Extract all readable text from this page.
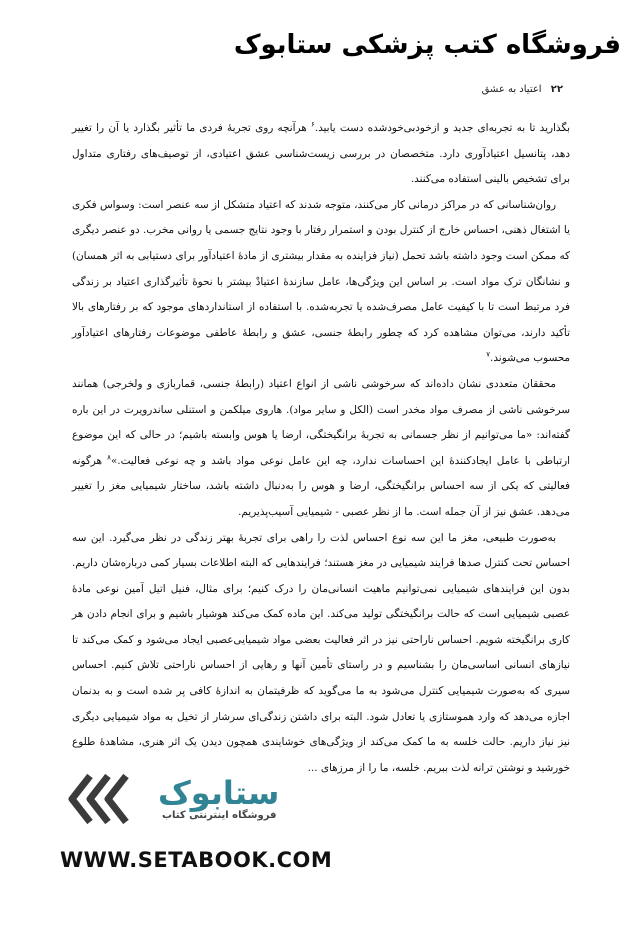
فروشگاه کتب پزشکی ستابوک
۲۲ اعتیاد به عشق

بگذارید تا به تجربه‌ای جدید و ازخودبی‌خودشده دست یابید.$^۶$ هرآنچه روی تجربهٔ فردی ما تأثیر بگذارد یا آن را تغییر دهد، پتانسیل اعتیادآوری دارد. متخصصان در بررسی زیست‌شناسی عشق اعتیادی، از توصیف‌های رفتاری متداول برای تشخیص بالینی استفاده می‌کنند.

روان‌شناسانی که در مراکز درمانی کار می‌کنند، متوجه شدند که اعتیاد متشکل از سه عنصر است: وسواس فکری یا اشتغال ذهنی، احساس خارج از کنترل بودن و استمرار رفتار با وجود نتایج جسمی یا روانی مخرب. دو عنصر دیگری که ممکن است وجود داشته باشد تحمل (نیاز فزاینده به مقدار بیشتری از مادهٔ اعتیادآور برای دستیابی به اثر همسان) و نشانگان ترک مواد است. بر اساس این ویژگی‌ها، عامل سازندهٔ اعتیادْ بیشتر با نحوهٔ تأثیرگذاری اعتیاد بر زندگی فرد مرتبط است تا با کیفیت عامل مصرف‌شده یا تجربه‌شده. با استفاده از استانداردهای موجود که بر رفتارهای بالا تأکید دارند، می‌توان مشاهده کرد که چطور رابطهٔ جنسی، عشق و رابطهٔ عاطفی موضوعات رفتارهای اعتیادآور محسوب می‌شوند.$^۷$

محققان متعددی نشان داده‌اند که سرخوشی ناشی از انواع اعتیاد (رابطهٔ جنسی، قماربازی و ولخرجی) همانند سرخوشی ناشی از مصرف مواد مخدر است (الکل و سایر مواد). هاروی میلکمن و استنلی ساندرویرت در این باره گفته‌اند: «ما می‌توانیم از نظر جسمانی به تجربهٔ برانگیختگی، ارضا یا هوس وابسته باشیم؛ در حالی که این موضوع ارتباطی با عامل ایجادکنندهٔ این احساسات ندارد، چه این عامل نوعی مواد باشد و چه نوعی فعالیت.»$^۸$ هرگونه فعالیتی که یکی از سه احساس برانگیختگی، ارضا و هوس را به‌دنبال داشته باشد، ساختار شیمیایی مغز را تغییر می‌دهد. عشق نیز از آن جمله است. ما از نظر عصبی - شیمیایی آسیب‌پذیریم.

به‌صورت طبیعی، مغز ما این سه نوع احساس لذت را راهی برای تجربهٔ بهتر زندگی در نظر می‌گیرد. این سه احساس تحت کنترل صدها فرایند شیمیایی در مغز هستند؛ فرایندهایی که البته اطلاعات بسیار کمی درباره‌شان داریم. بدون این فرایندهای شیمیایی نمی‌توانیم ماهیت انسانی‌مان را درک کنیم؛ برای مثال، فنیل اتیل آمین نوعی مادهٔ عصبی شیمیایی است که حالت برانگیختگی تولید می‌کند. این ماده کمک می‌کند هوشیار باشیم و برای انجام دادن هر کاری برانگیخته شویم. احساس ناراحتی نیز در اثر فعالیت بعضی مواد شیمیایی‌عصبی ایجاد می‌شود و کمک می‌کند تا نیازهای انسانی اساسی‌مان را بشناسیم و در راستای تأمین آنها و رهایی از احساس ناراحتی تلاش کنیم. احساس سیری که به‌صورت شیمیایی کنترل می‌شود به ما می‌گوید که ظرفیتمان به اندازهٔ کافی پر شده است و به بدنمان اجازه می‌دهد که وارد هموستازی یا تعادل شود. البته برای داشتن زندگی‌ای سرشار از تخیل به مواد شیمیایی دیگری نیز نیاز داریم. حالت خلسه به ما کمک می‌کند از ویژگی‌های خوشایندی همچون دیدن یک اثر هنری، مشاهدهٔ طلوع خورشید و نوشتن ترانه لذت ببریم. خلسه، ما را از مرزهای ...

ستابوک
فروشگاه اینترنتی کتاب
WWW.SETABOOK.COM
